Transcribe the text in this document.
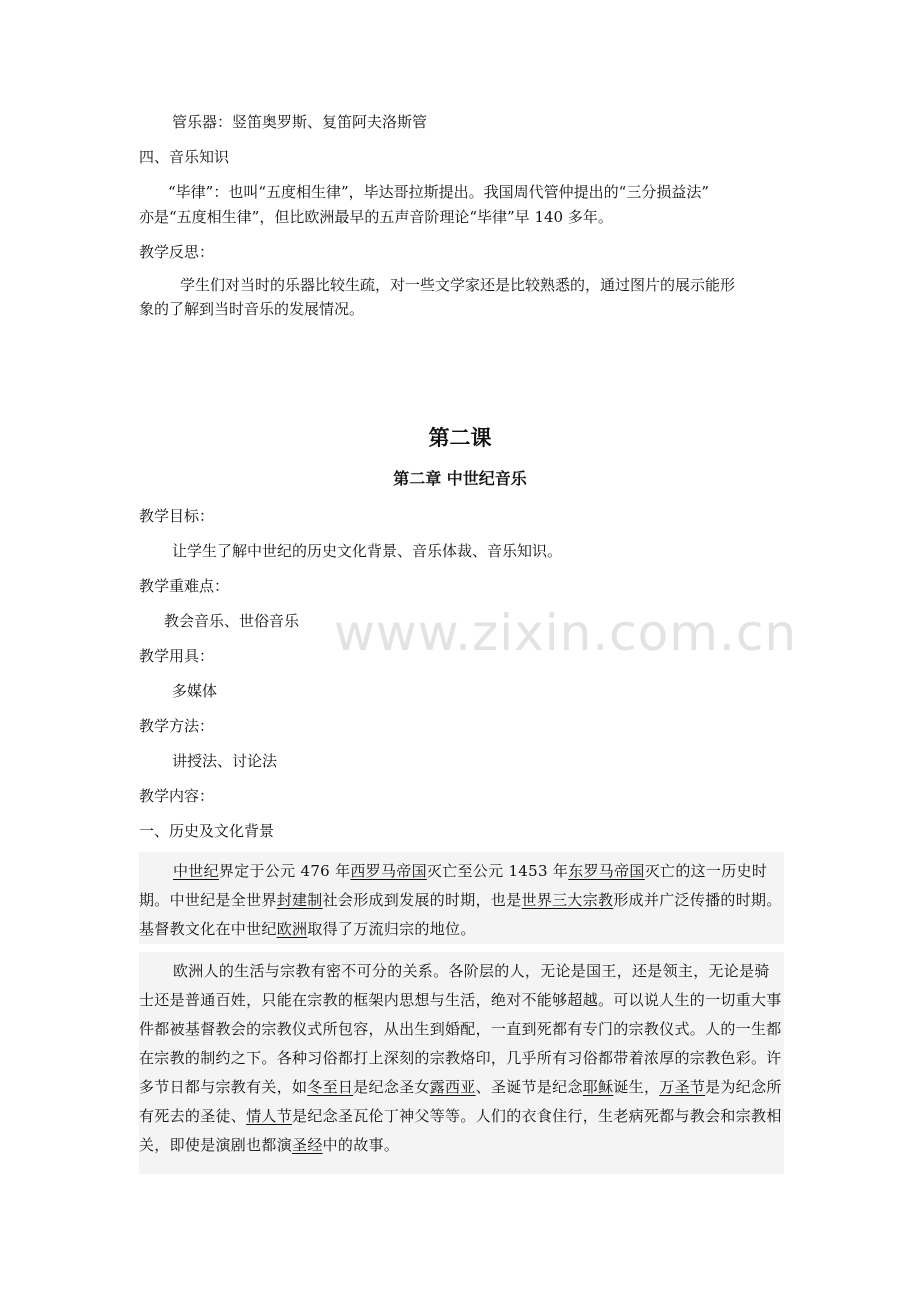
www.zixin.com.cn
管乐器：竖笛奥罗斯、复笛阿夫洛斯管
四、音乐知识
“毕律”：也叫“五度相生律”，毕达哥拉斯提出。我国周代管仲提出的“三分损益法”
亦是“五度相生律”，但比欧洲最早的五声音阶理论“毕律”早 140 多年。
教学反思：
学生们对当时的乐器比较生疏，对一些文学家还是比较熟悉的，通过图片的展示能形
象的了解到当时音乐的发展情况。
第二课
第二章 中世纪音乐
教学目标：
让学生了解中世纪的历史文化背景、音乐体裁、音乐知识。
教学重难点：
教会音乐、世俗音乐
教学用具：
多媒体
教学方法：
讲授法、讨论法
教学内容：
一、历史及文化背景
中世纪界定于公元 476 年西罗马帝国灭亡至公元 1453 年东罗马帝国灭亡的这一历史时期。中世纪是全世界封建制社会形成到发展的时期，也是世界三大宗教形成并广泛传播的时期。基督教文化在中世纪欧洲取得了万流归宗的地位。
欧洲人的生活与宗教有密不可分的关系。各阶层的人，无论是国王，还是领主，无论是骑士还是普通百姓，只能在宗教的框架内思想与生活，绝对不能够超越。可以说人生的一切重大事件都被基督教会的宗教仪式所包容，从出生到婚配，一直到死都有专门的宗教仪式。人的一生都在宗教的制约之下。各种习俗都打上深刻的宗教烙印，几乎所有习俗都带着浓厚的宗教色彩。许多节日都与宗教有关，如冬至日是纪念圣女露西亚、圣诞节是纪念耶稣诞生，万圣节是为纪念所有死去的圣徒、情人节是纪念圣瓦伦丁神父等等。人们的衣食住行，生老病死都与教会和宗教相关，即使是演剧也都演圣经中的故事。
